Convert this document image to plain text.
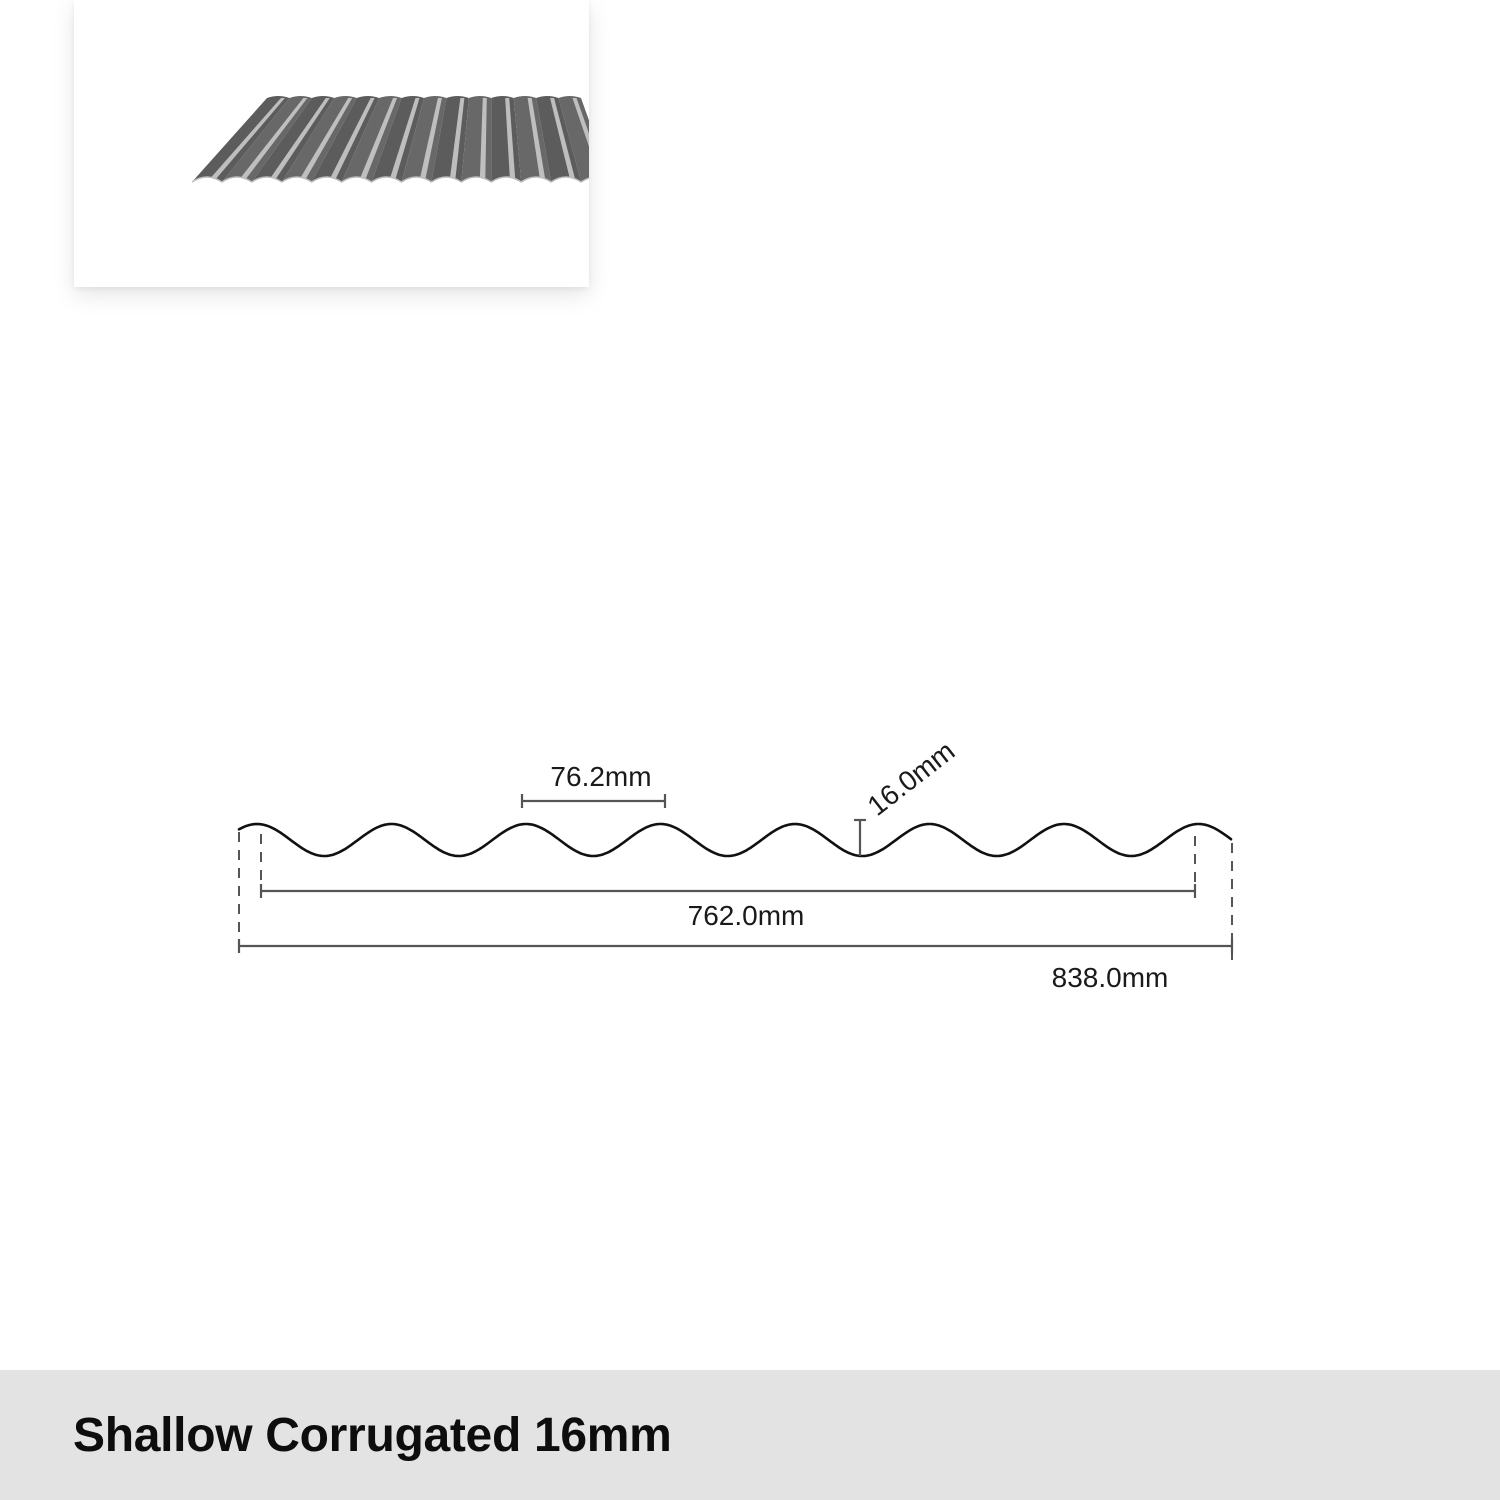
76.2mm	16.0mm
762.0mm
838.0mm
Shallow Corrugated 16mm
